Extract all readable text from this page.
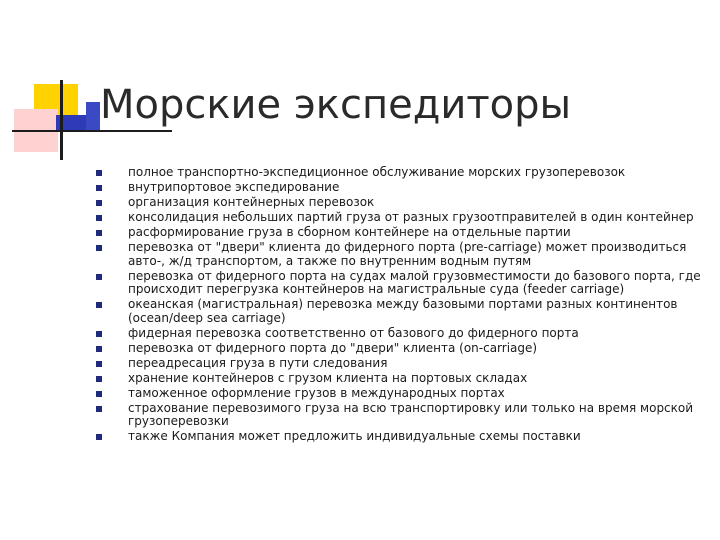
Морские экспедиторы
полное транспортно-экспедиционное обслуживание морских грузоперевозок
внутрипортовое экспедирование
организация контейнерных перевозок
консолидация небольших партий груза от разных грузоотправителей в один контейнер
расформирование груза в сборном контейнере на отдельные партии
перевозка от "двери" клиента до фидерного порта (pre-carriage) может производиться авто-, ж/д транспортом, а также по внутренним водным путям
перевозка от фидерного порта на судах малой грузовместимости до базового порта, где происходит перегрузка контейнеров на магистральные суда (feeder carriage)
океанская (магистральная) перевозка между базовыми портами разных континентов (ocean/deep sea carriage)
фидерная перевозка соответственно от базового до фидерного порта
перевозка от фидерного порта до "двери" клиента (on-carriage)
переадресация груза в пути следования
хранение контейнеров с грузом клиента на портовых складах
таможенное оформление грузов в международных портах
страхование перевозимого груза на всю транспортировку или только на время морской грузоперевозки
также Компания может предложить индивидуальные схемы поставки
